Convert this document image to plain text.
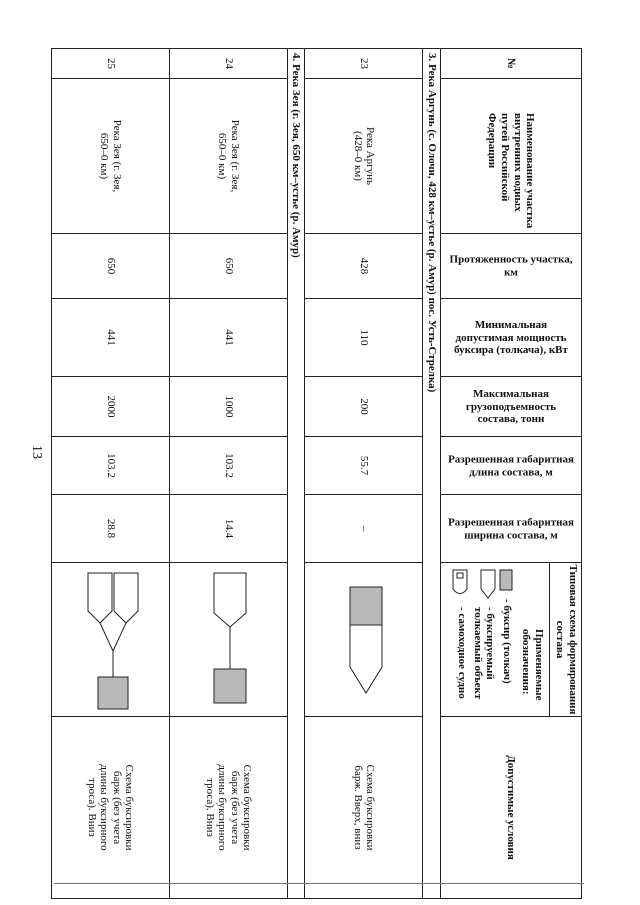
13
№	Наименование участка внутренних водных путей Российской Федерации	Протяженность участка, км	Минимальная допустимая мощность буксира (толкача), кВт	Максимальная грузоподъемность состава, тонн	Разрешенная габаритная длина состава, м	Разрешенная габаритная ширина состава, м	Типовая схема формирования состава
Применяемые обозначения:
- буксир (толкач)
- буксируемый толкаемый объект
- самоходное судно	Допустимые условия
3. Река Аргунь (с. Олочи, 428 км–устье (р. Амур) пос. Усть-Стрелка)								
23	Река Аргунь (428–0 км)	428	110	200	55.7	–		Схема буксировки барж. Вверх, вниз
4. Река Зея (г. Зея, 650 км–устье (р. Амур)								
24	Река Зея (г. Зея, 650–0 км)	650	441	1000	103.2	14.4		Схема буксировки барж (без учета длины буксирного троса). Вниз
25	Река Зея (г. Зея, 650–0 км)	650	441	2000	103.2	28.8		Схема буксировки барж (без учета длины буксирного троса). Вниз
